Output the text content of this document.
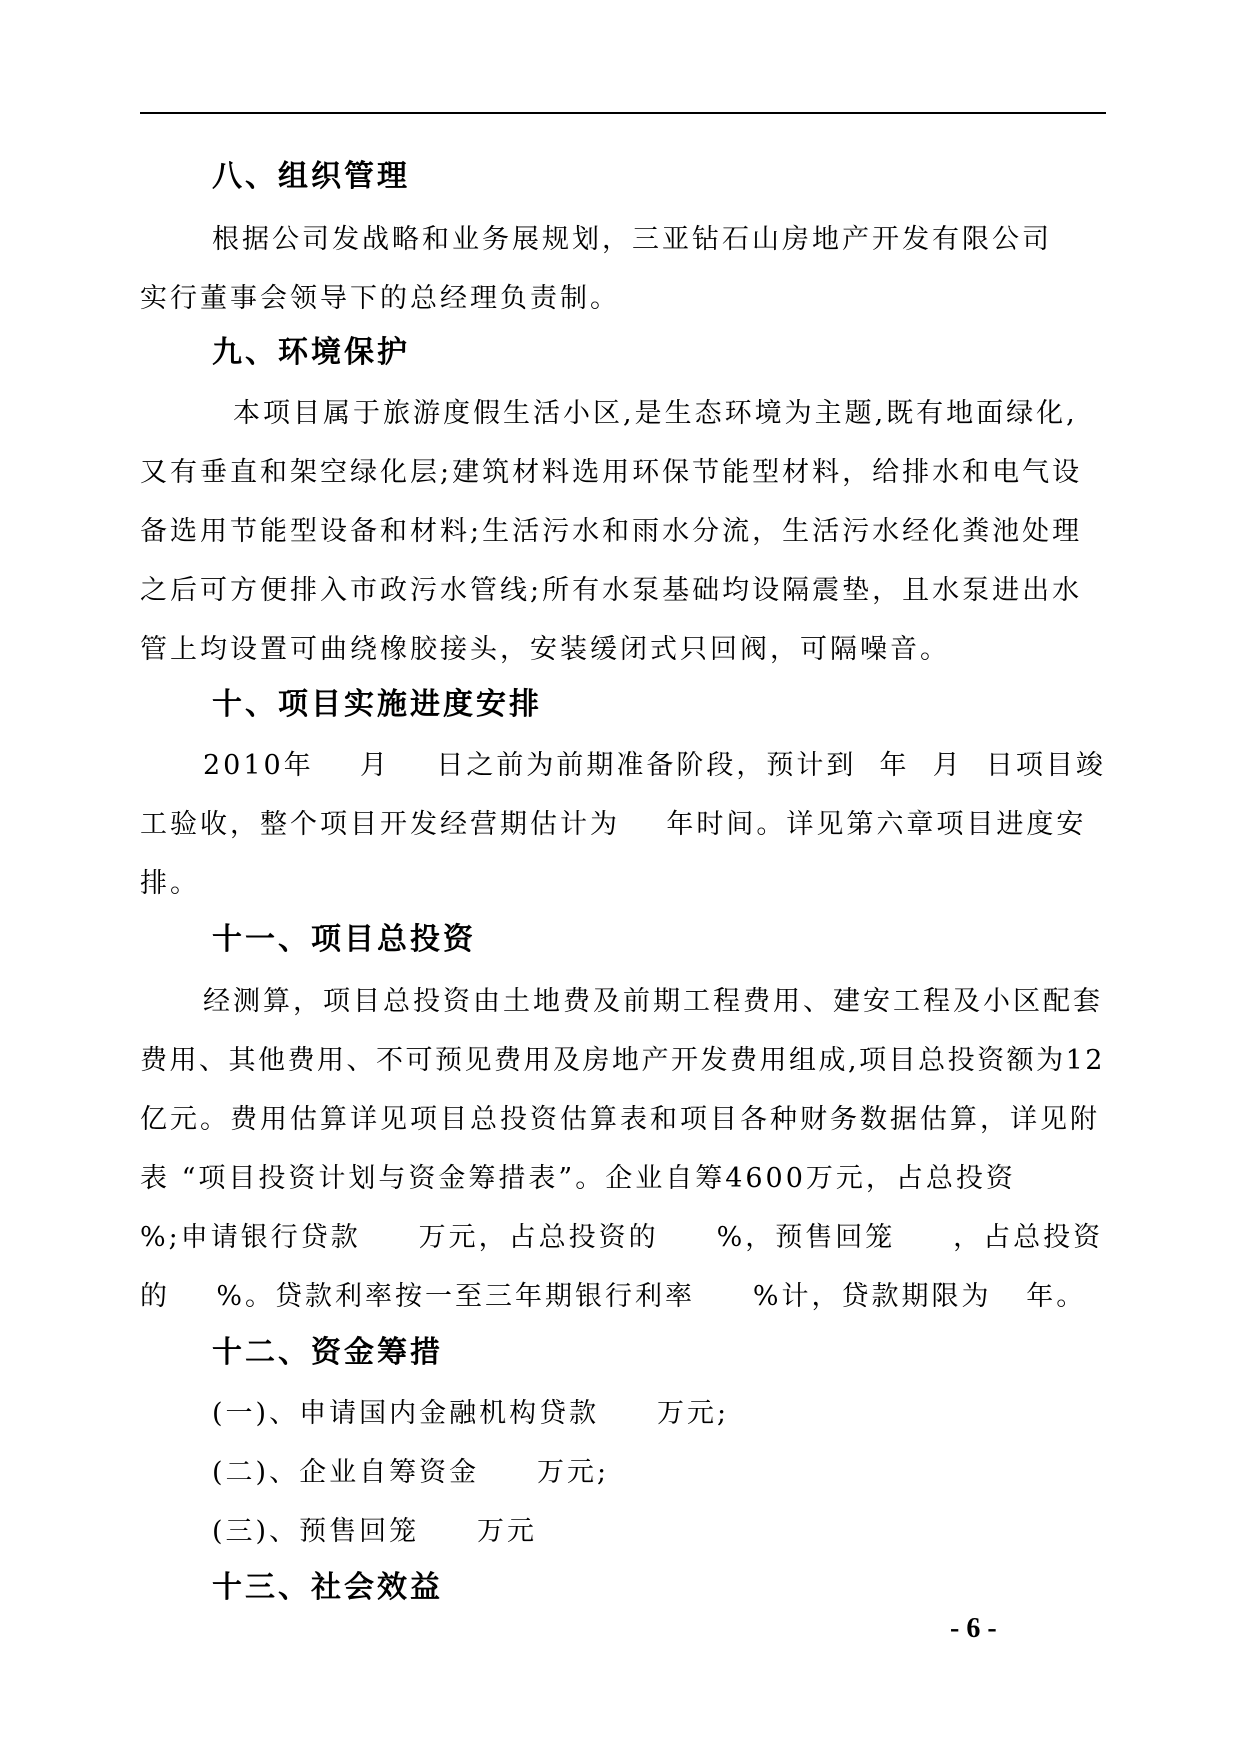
八、组织管理
根据公司发战略和业务展规划，三亚钻石山房地产开发有限公司
实行董事会领导下的总经理负责制。
九、环境保护
本项目属于旅游度假生活小区,是生态环境为主题,既有地面绿化,
又有垂直和架空绿化层;建筑材料选用环保节能型材料，给排水和电气设
备选用节能型设备和材料;生活污水和雨水分流，生活污水经化粪池处理
之后可方便排入市政污水管线;所有水泵基础均设隔震垫，且水泵进出水
管上均设置可曲绕橡胶接头，安装缓闭式只回阀，可隔噪音。
十、项目实施进度安排
2010年    月    日之前为前期准备阶段，预计到  年  月  日项目竣
工验收，整个项目开发经营期估计为    年时间。详见第六章项目进度安
排。
十一、项目总投资
经测算，项目总投资由土地费及前期工程费用、建安工程及小区配套
费用、其他费用、不可预见费用及房地产开发费用组成,项目总投资额为12
亿元。费用估算详见项目总投资估算表和项目各种财务数据估算，详见附
表 “项目投资计划与资金筹措表”。企业自筹4600万元，占总投资
%;申请银行贷款     万元，占总投资的     %，预售回笼     ，占总投资
的    %。贷款利率按一至三年期银行利率     %计，贷款期限为   年。
十二、资金筹措
(一)、申请国内金融机构贷款     万元;
(二)、企业自筹资金     万元;
(三)、预售回笼     万元
十三、社会效益
- 6 -
